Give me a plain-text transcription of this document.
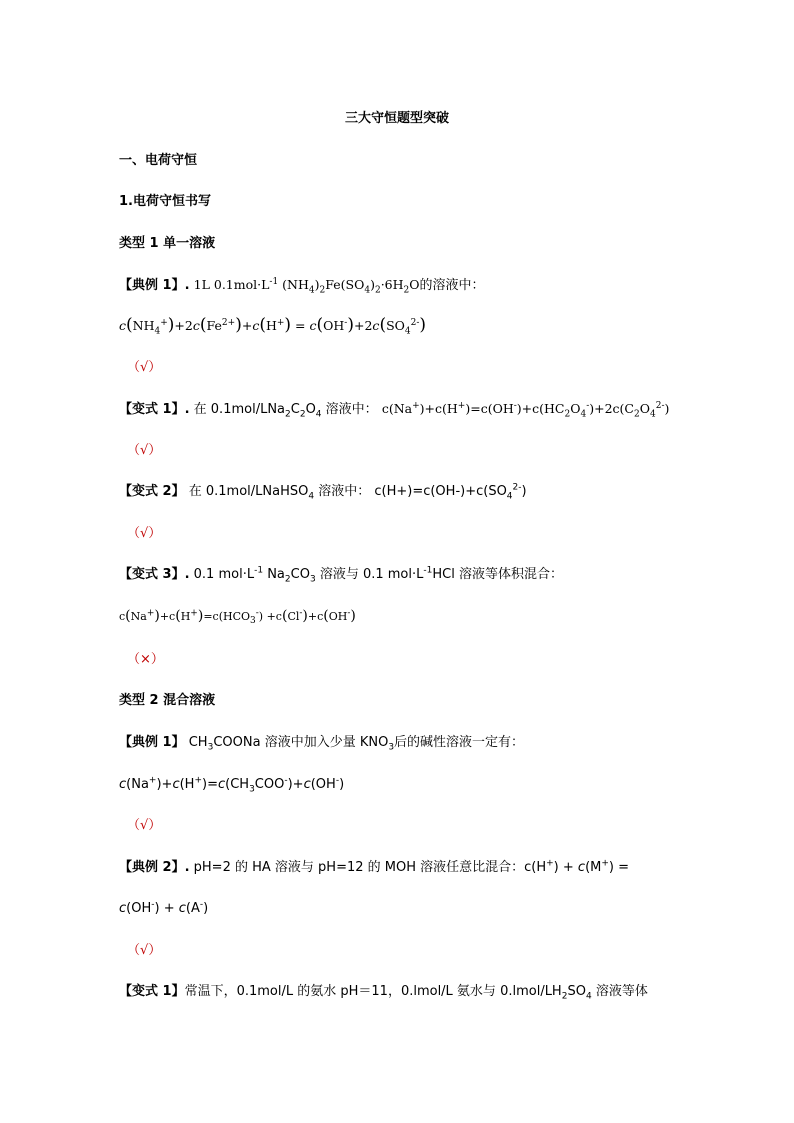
三大守恒题型突破
一、电荷守恒
1.电荷守恒书写
类型 1 单一溶液
【典例 1】. 1L $0.1mol\cdot L^{-1}$ $(NH_4)_2Fe(SO_4)_2\cdot 6H_2O$的溶液中：
$c(NH_4^+)+2c(Fe^{2+})+c(H^+) = c(OH^-)+2c(SO_4^{2-})$
（√）
【变式 1】. 在 $0.1mol/LNa_2C_2O_4$ 溶液中： $c(Na^+)+c(H^+)=c(OH^-)+c(HC_2O_4^-)+2c(C_2O_4^{2-})$
（√）
【变式 2】 在 0.1mol/LNaHSO$_4$ 溶液中： $c(H+)=c(OH-)+c(SO_4^{2-})$
（√）
【变式 3】. 0.1 $mol\cdot L^{-1}$ $Na_2CO_3$ 溶液与 0.1 $mol\cdot L^{-1}HCl$ 溶液等体积混合：
$c(Na^+)+c(H^+)=c(HCO_3^-) +c(Cl^-)+c(OH^-)$
（×）
类型 2 混合溶液
【典例 1】 $CH_3COONa$ 溶液中加入少量 $KNO_3$后的碱性溶液一定有：
$c(Na^+)+c(H^+)=c(CH_3COO^-)+c(OH^-)$
（√）
【典例 2】. pH=2 的 HA 溶液与 pH=12 的 MOH 溶液任意比混合：c(H+) + c(M+) =
c(OH-) + c(A-)
（√）
【变式 1】常温下，0.1mol/L 的氨水 pH＝11，0.lmol/L 氨水与 $0.lmol/LH_2SO_4$ 溶液等体
